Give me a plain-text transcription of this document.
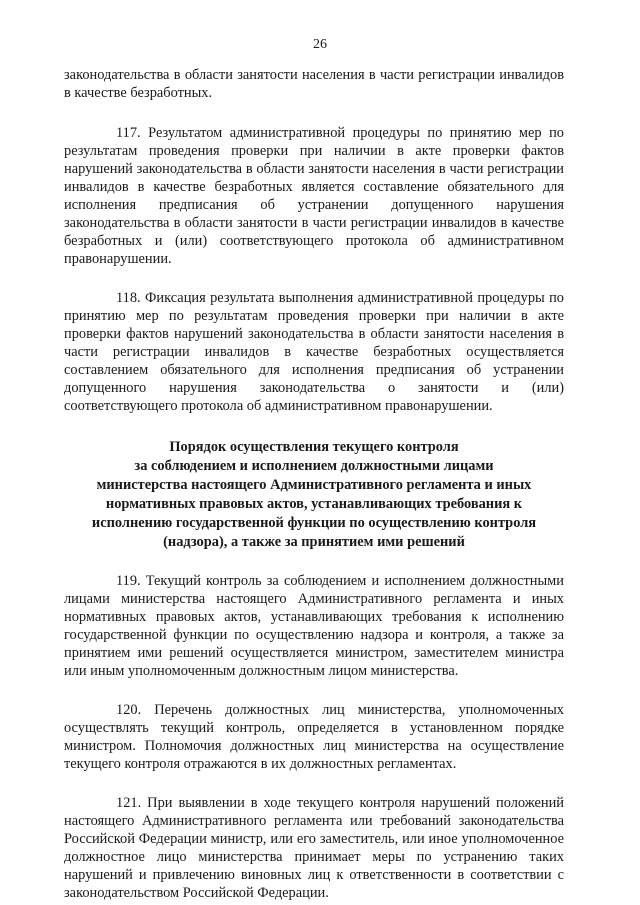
26

законодательства в области занятости населения в части регистрации инвалидов в качестве безработных.

117. Результатом административной процедуры по принятию мер по результатам проведения проверки при наличии в акте проверки фактов нарушений законодательства в области занятости населения в части регистрации инвалидов в качестве безработных является составление обязательного для исполнения предписания об устранении допущенного нарушения законодательства в области занятости в части регистрации инвалидов в качестве безработных и (или) соответствующего протокола об административном правонарушении.

118. Фиксация результата выполнения административной процедуры по принятию мер по результатам проведения проверки при наличии в акте проверки фактов нарушений законодательства в области занятости населения в части регистрации инвалидов в качестве безработных осуществляется составлением обязательного для исполнения предписания об устранении допущенного нарушения законодательства о занятости и (или) соответствующего протокола об административном правонарушении.

Порядок осуществления текущего контроля
за соблюдением и исполнением должностными лицами
министерства настоящего Административного регламента и иных
нормативных правовых актов, устанавливающих требования к
исполнению государственной функции по осуществлению контроля
(надзора), а также за принятием ими решений

119. Текущий контроль за соблюдением и исполнением должностными лицами министерства настоящего Административного регламента и иных нормативных правовых актов, устанавливающих требования к исполнению государственной функции по осуществлению надзора и контроля, а также за принятием ими решений осуществляется министром, заместителем министра или иным уполномоченным должностным лицом министерства.

120. Перечень должностных лиц министерства, уполномоченных осуществлять текущий контроль, определяется в установленном порядке министром. Полномочия должностных лиц министерства на осуществление текущего контроля отражаются в их должностных регламентах.

121. При выявлении в ходе текущего контроля нарушений положений настоящего Административного регламента или требований законодательства Российской Федерации министр, или его заместитель, или иное уполномоченное должностное лицо министерства принимает меры по устранению таких нарушений и привлечению виновных лиц к ответственности в соответствии с законодательством Российской Федерации.
